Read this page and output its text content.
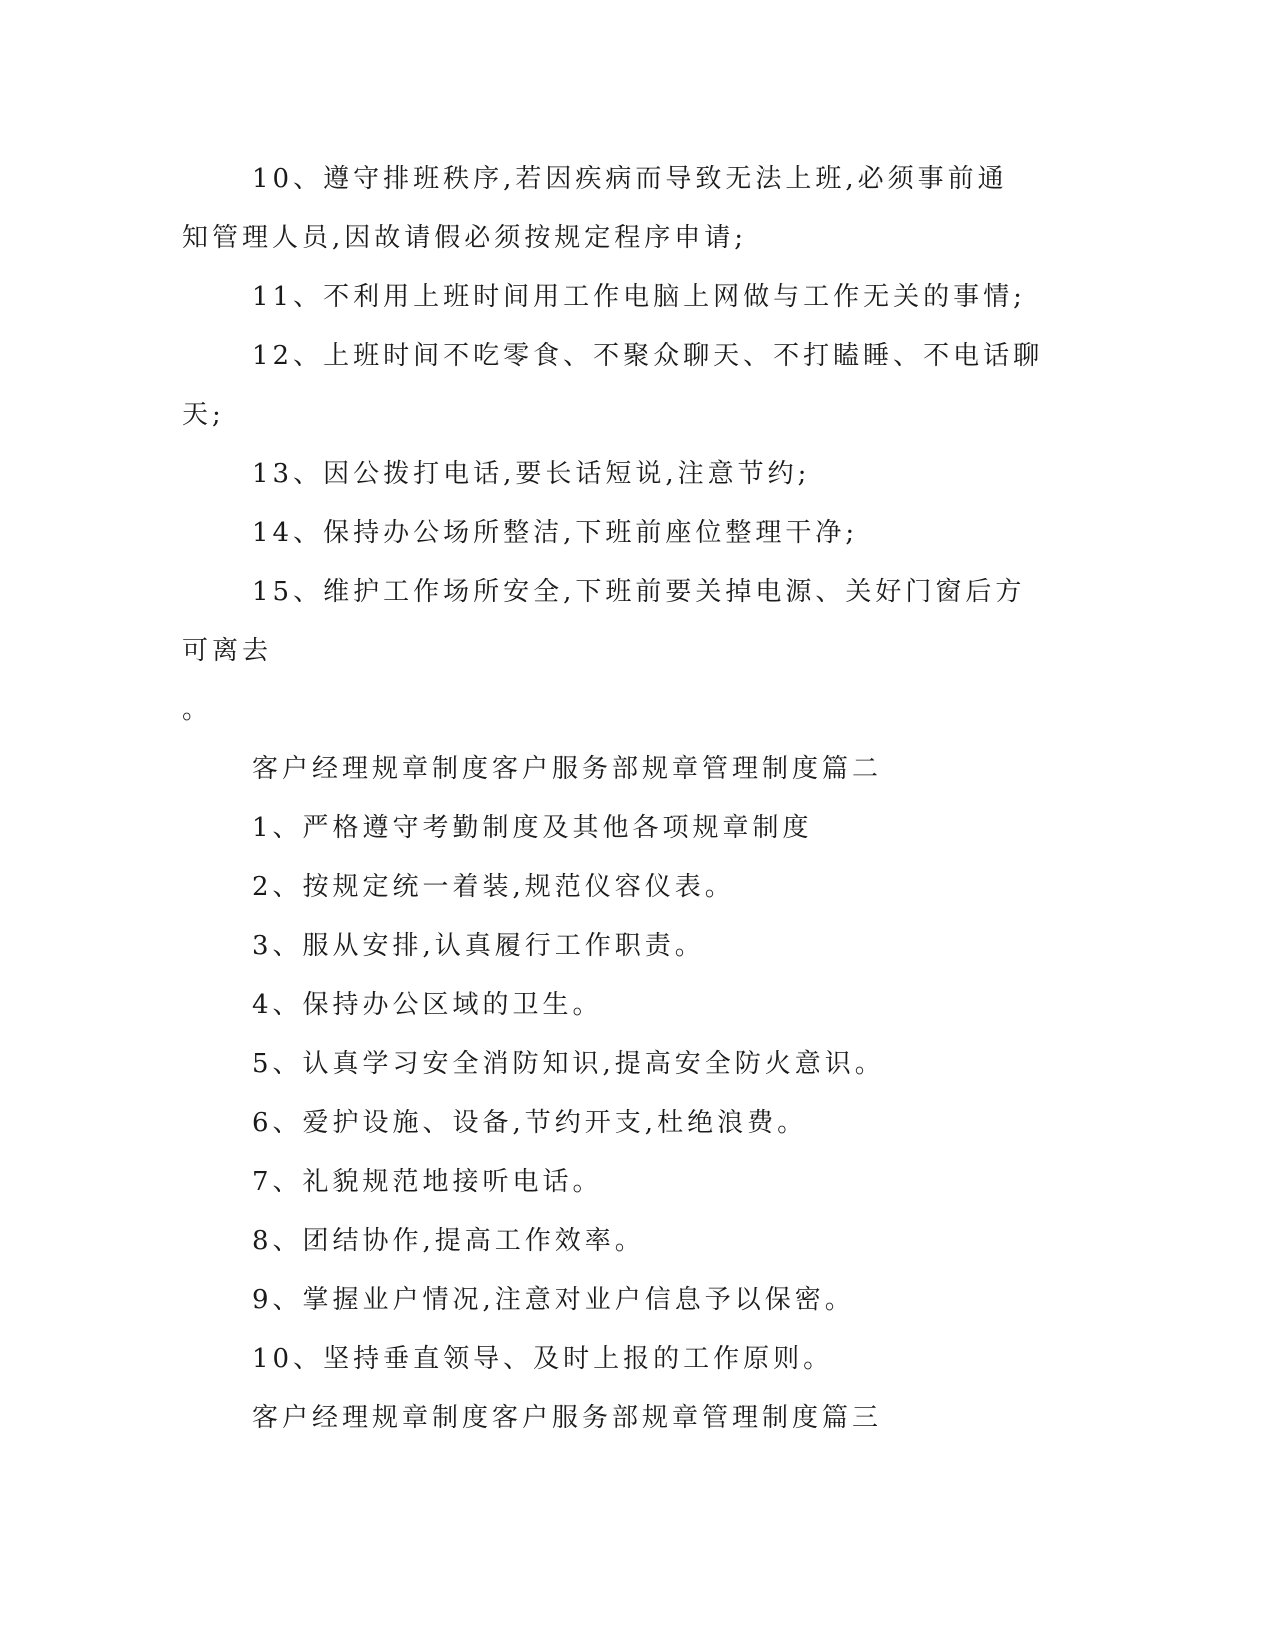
10、遵守排班秩序,若因疾病而导致无法上班,必须事前通知管理人员,因故请假必须按规定程序申请;

11、不利用上班时间用工作电脑上网做与工作无关的事情;

12、上班时间不吃零食、不聚众聊天、不打瞌睡、不电话聊天;

13、因公拨打电话,要长话短说,注意节约;

14、保持办公场所整洁,下班前座位整理干净;

15、维护工作场所安全,下班前要关掉电源、关好门窗后方可离去

。

客户经理规章制度客户服务部规章管理制度篇二

1、严格遵守考勤制度及其他各项规章制度

2、按规定统一着装,规范仪容仪表。

3、服从安排,认真履行工作职责。

4、保持办公区域的卫生。

5、认真学习安全消防知识,提高安全防火意识。

6、爱护设施、设备,节约开支,杜绝浪费。

7、礼貌规范地接听电话。

8、团结协作,提高工作效率。

9、掌握业户情况,注意对业户信息予以保密。

10、坚持垂直领导、及时上报的工作原则。

客户经理规章制度客户服务部规章管理制度篇三
